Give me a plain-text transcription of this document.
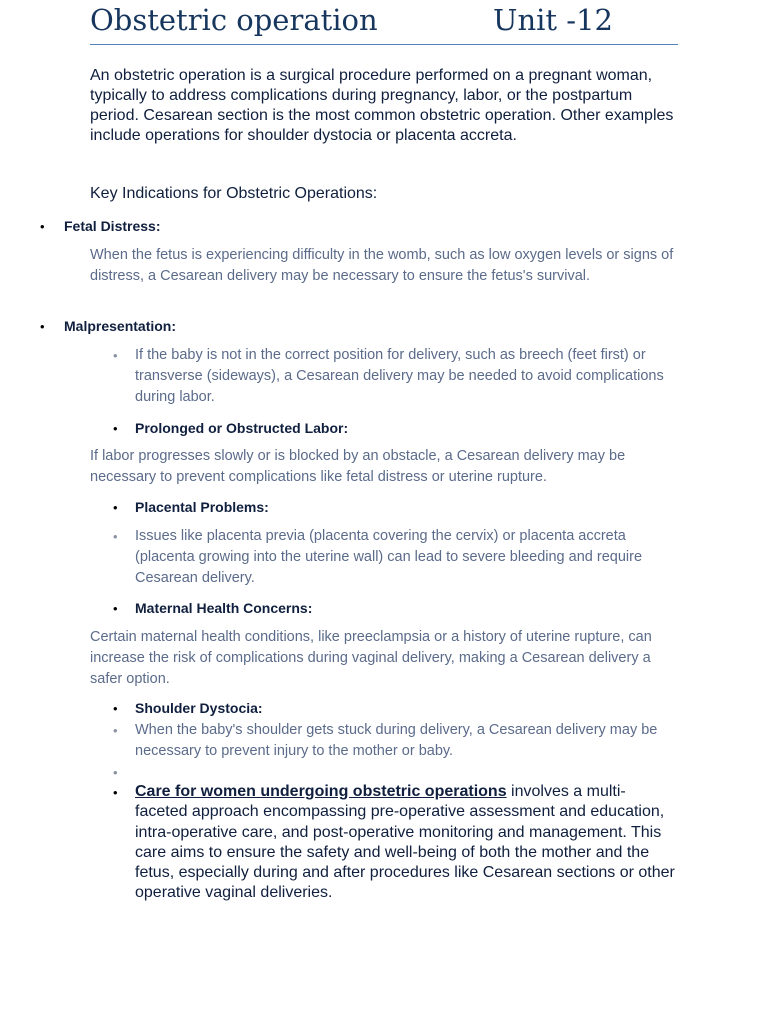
Obstetric operation	Unit -12

An obstetric operation is a surgical procedure performed on a pregnant woman, typically to address complications during pregnancy, labor, or the postpartum period. Cesarean section is the most common obstetric operation. Other examples include operations for shoulder dystocia or placenta accreta.

Key Indications for Obstetric Operations:

• Fetal Distress:

When the fetus is experiencing difficulty in the womb, such as low oxygen levels or signs of distress, a Cesarean delivery may be necessary to ensure the fetus's survival.

• Malpresentation:
• If the baby is not in the correct position for delivery, such as breech (feet first) or transverse (sideways), a Cesarean delivery may be needed to avoid complications during labor.

• Prolonged or Obstructed Labor:

If labor progresses slowly or is blocked by an obstacle, a Cesarean delivery may be necessary to prevent complications like fetal distress or uterine rupture.

• Placental Problems:
• Issues like placenta previa (placenta covering the cervix) or placenta accreta (placenta growing into the uterine wall) can lead to severe bleeding and require Cesarean delivery.

• Maternal Health Concerns:

Certain maternal health conditions, like preeclampsia or a history of uterine rupture, can increase the risk of complications during vaginal delivery, making a Cesarean delivery a safer option.

• Shoulder Dystocia:
• When the baby's shoulder gets stuck during delivery, a Cesarean delivery may be necessary to prevent injury to the mother or baby.

•
• Care for women undergoing obstetric operations involves a multi-faceted approach encompassing pre-operative assessment and education, intra-operative care, and post-operative monitoring and management. This care aims to ensure the safety and well-being of both the mother and the fetus, especially during and after procedures like Cesarean sections or other operative vaginal deliveries.
